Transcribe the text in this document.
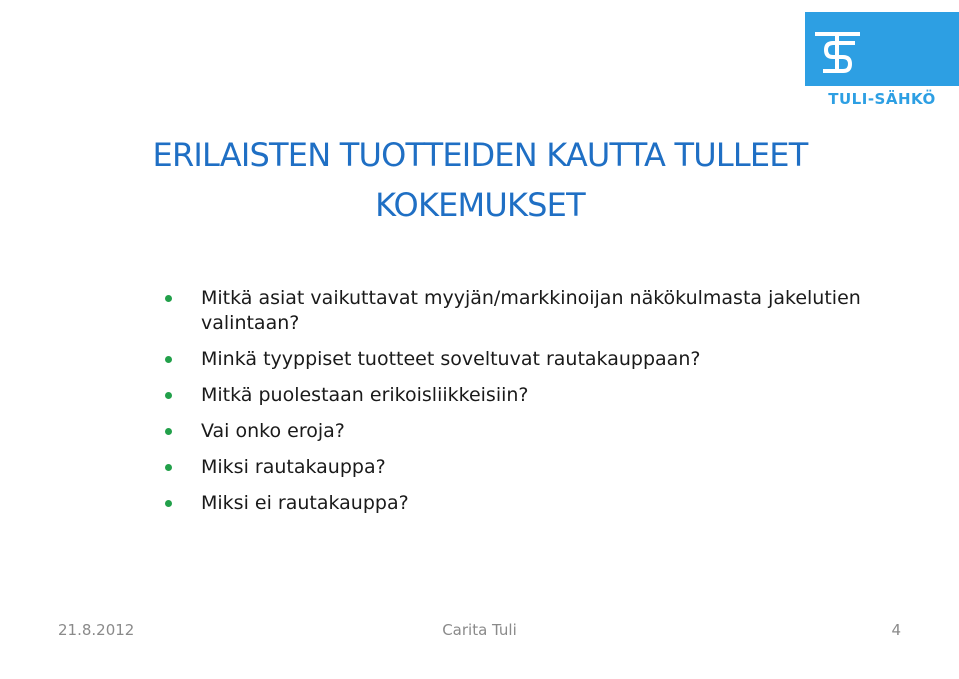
TULI-SÄHKÖ
ERILAISTEN TUOTTEIDEN KAUTTA TULLEET
KOKEMUKSET
Mitkä asiat vaikuttavat myyjän/markkinoijan näkökulmasta jakelutien valintaan?
Minkä tyyppiset tuotteet soveltuvat rautakauppaan?
Mitkä puolestaan erikoisliikkeisiin?
Vai onko eroja?
Miksi rautakauppa?
Miksi ei rautakauppa?
21.8.2012	Carita Tuli	4
